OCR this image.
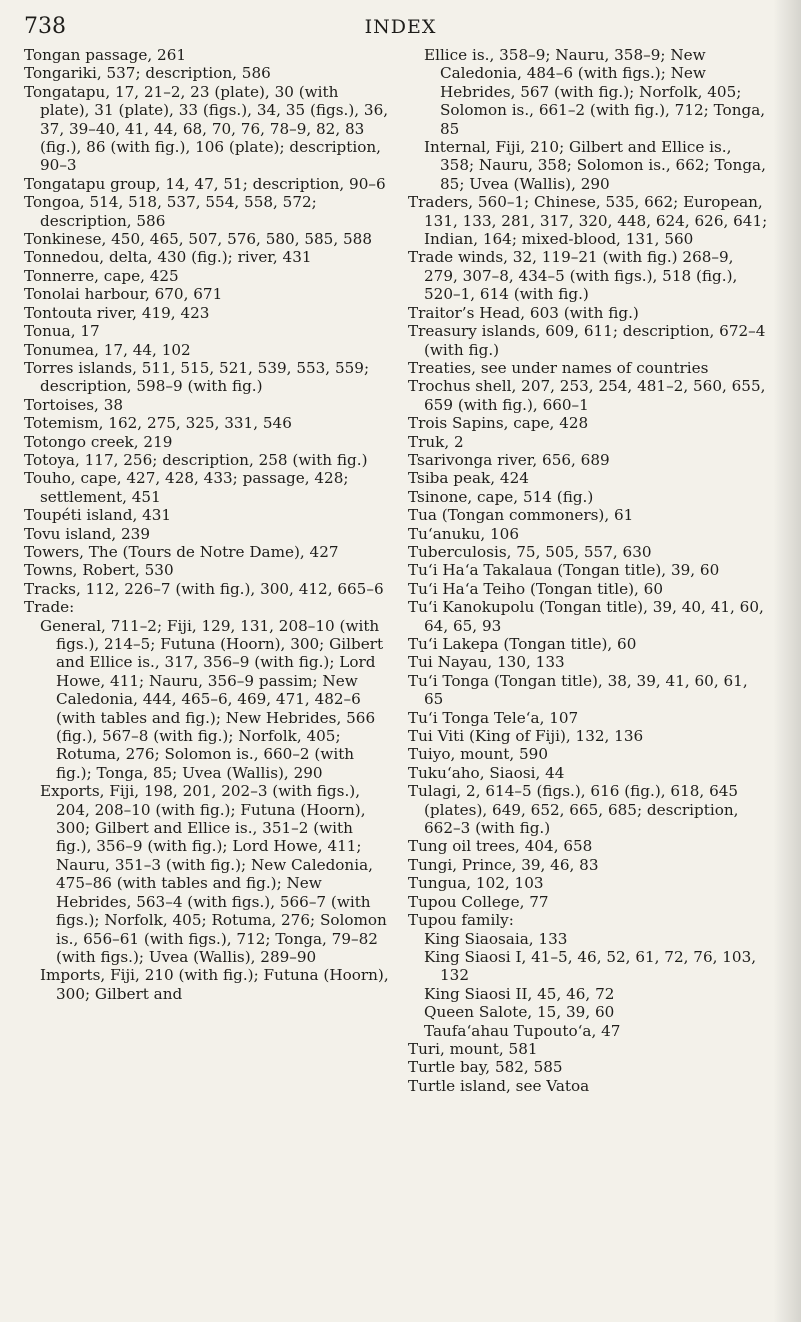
738	INDEX

Tongan passage, 261

Tongariki, 537; description, 586

Tongatapu, 17, 21–2, 23 (plate), 30 (with plate), 31 (plate), 33 (figs.), 34, 35 (figs.), 36, 37, 39–40, 41, 44, 68, 70, 76, 78–9, 82, 83 (fig.), 86 (with fig.), 106 (plate); description, 90–3

Tongatapu group, 14, 47, 51; description, 90–6

Tongoa, 514, 518, 537, 554, 558, 572; description, 586

Tonkinese, 450, 465, 507, 576, 580, 585, 588

Tonnedou, delta, 430 (fig.); river, 431

Tonnerre, cape, 425

Tonolai harbour, 670, 671

Tontouta river, 419, 423

Tonua, 17

Tonumea, 17, 44, 102

Torres islands, 511, 515, 521, 539, 553, 559; description, 598–9 (with fig.)

Tortoises, 38

Totemism, 162, 275, 325, 331, 546

Totongo creek, 219

Totoya, 117, 256; description, 258 (with fig.)

Touho, cape, 427, 428, 433; passage, 428; settlement, 451

Toupéti island, 431

Tovu island, 239

Towers, The (Tours de Notre Dame), 427

Towns, Robert, 530

Tracks, 112, 226–7 (with fig.), 300, 412, 665–6

Trade:

General, 711–2; Fiji, 129, 131, 208–10 (with figs.), 214–5; Futuna (Hoorn), 300; Gilbert and Ellice is., 317, 356–9 (with fig.); Lord Howe, 411; Nauru, 356–9 passim; New Caledonia, 444, 465–6, 469, 471, 482–6 (with tables and fig.); New Hebrides, 566 (fig.), 567–8 (with fig.); Norfolk, 405; Rotuma, 276; Solomon is., 660–2 (with fig.); Tonga, 85; Uvea (Wallis), 290

Exports, Fiji, 198, 201, 202–3 (with figs.), 204, 208–10 (with fig.); Futuna (Hoorn), 300; Gilbert and Ellice is., 351–2 (with fig.), 356–9 (with fig.); Lord Howe, 411; Nauru, 351–3 (with fig.); New Caledonia, 475–86 (with tables and fig.); New Hebrides, 563–4 (with figs.), 566–7 (with figs.); Norfolk, 405; Rotuma, 276; Solomon is., 656–61 (with figs.), 712; Tonga, 79–82 (with figs.); Uvea (Wallis), 289–90

Imports, Fiji, 210 (with fig.); Futuna (Hoorn), 300; Gilbert and

Ellice is., 358–9; Nauru, 358–9; New Caledonia, 484–6 (with figs.); New Hebrides, 567 (with fig.); Norfolk, 405; Solomon is., 661–2 (with fig.), 712; Tonga, 85

Internal, Fiji, 210; Gilbert and Ellice is., 358; Nauru, 358; Solomon is., 662; Tonga, 85; Uvea (Wallis), 290

Traders, 560–1; Chinese, 535, 662; European, 131, 133, 281, 317, 320, 448, 624, 626, 641; Indian, 164; mixed-blood, 131, 560

Trade winds, 32, 119–21 (with fig.) 268–9, 279, 307–8, 434–5 (with figs.), 518 (fig.), 520–1, 614 (with fig.)

Traitor’s Head, 603 (with fig.)

Treasury islands, 609, 611; description, 672–4 (with fig.)

Treaties, see under names of countries

Trochus shell, 207, 253, 254, 481–2, 560, 655, 659 (with fig.), 660–1

Trois Sapins, cape, 428

Truk, 2

Tsarivonga river, 656, 689

Tsiba peak, 424

Tsinone, cape, 514 (fig.)

Tua (Tongan commoners), 61

Tu‘anuku, 106

Tuberculosis, 75, 505, 557, 630

Tu‘i Ha‘a Takalaua (Tongan title), 39, 60

Tu‘i Ha‘a Teiho (Tongan title), 60

Tu‘i Kanokupolu (Tongan title), 39, 40, 41, 60, 64, 65, 93

Tu‘i Lakepa (Tongan title), 60

Tui Nayau, 130, 133

Tu‘i Tonga (Tongan title), 38, 39, 41, 60, 61, 65

Tu‘i Tonga Tele‘a, 107

Tui Viti (King of Fiji), 132, 136

Tuiyo, mount, 590

Tuku‘aho, Siaosi, 44

Tulagi, 2, 614–5 (figs.), 616 (fig.), 618, 645 (plates), 649, 652, 665, 685; description, 662–3 (with fig.)

Tung oil trees, 404, 658

Tungi, Prince, 39, 46, 83

Tungua, 102, 103

Tupou College, 77

Tupou family:

King Siaosaia, 133

King Siaosi I, 41–5, 46, 52, 61, 72, 76, 103, 132

King Siaosi II, 45, 46, 72

Queen Salote, 15, 39, 60

Taufa‘ahau Tupouto‘a, 47

Turi, mount, 581

Turtle bay, 582, 585

Turtle island, see Vatoa
